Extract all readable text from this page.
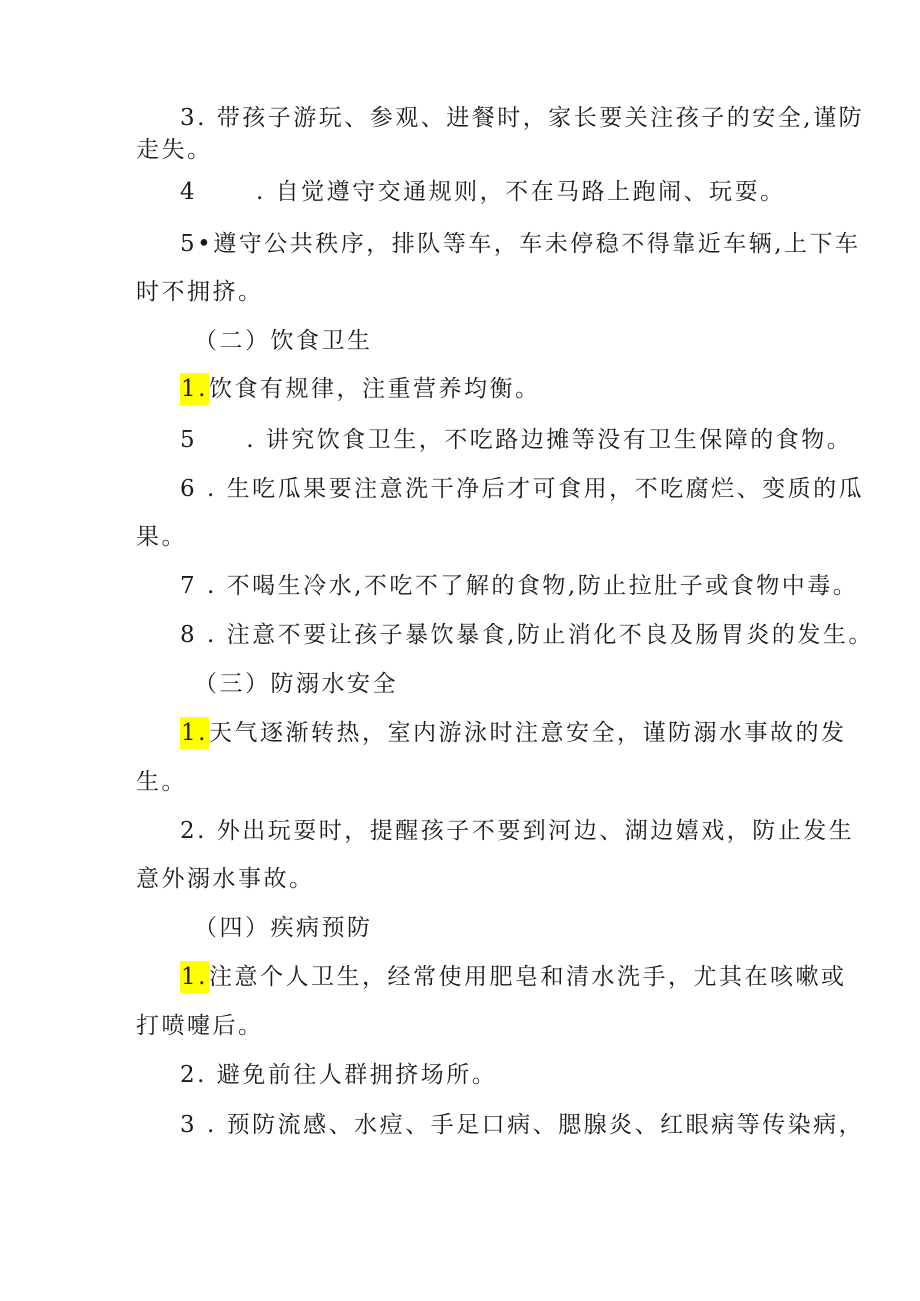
3. 带孩子游玩、参观、进餐时，家长要关注孩子的安全,谨防
走失。
4      . 自觉遵守交通规则，不在马路上跑闹、玩耍。
5•遵守公共秩序，排队等车，车未停稳不得靠近车辆,上下车
时不拥挤。
（二）饮食卫生
1.饮食有规律，注重营养均衡。
5     . 讲究饮食卫生，不吃路边摊等没有卫生保障的食物。
6 . 生吃瓜果要注意洗干净后才可食用，不吃腐烂、变质的瓜
果。
7 . 不喝生冷水,不吃不了解的食物,防止拉肚子或食物中毒。
8 . 注意不要让孩子暴饮暴食,防止消化不良及肠胃炎的发生。
（三）防溺水安全
1.天气逐渐转热，室内游泳时注意安全，谨防溺水事故的发
生。
2. 外出玩耍时，提醒孩子不要到河边、湖边嬉戏，防止发生
意外溺水事故。
（四）疾病预防
1.注意个人卫生，经常使用肥皂和清水洗手，尤其在咳嗽或
打喷嚏后。
2. 避免前往人群拥挤场所。
3 . 预防流感、水痘、手足口病、腮腺炎、红眼病等传染病，
